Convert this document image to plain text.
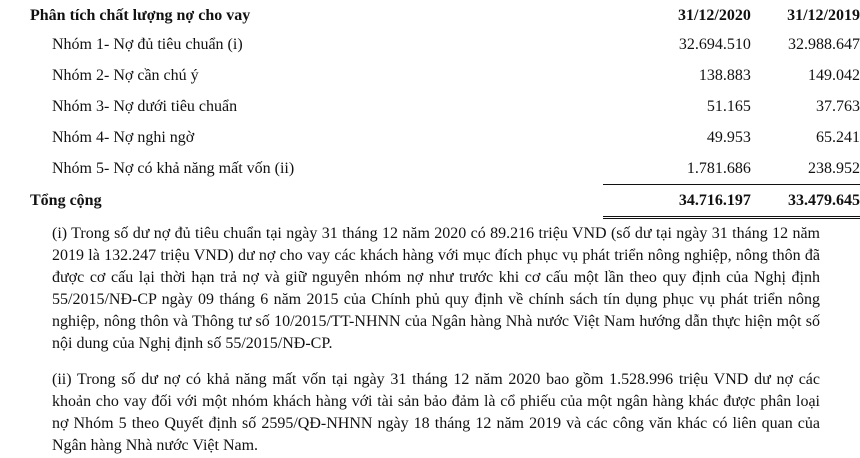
Phân tích chất lượng nợ cho vay	31/12/2020	31/12/2019
Nhóm 1- Nợ đủ tiêu chuẩn (i)	32.694.510	32.988.647
Nhóm 2- Nợ cần chú ý	138.883	149.042
Nhóm 3- Nợ dưới tiêu chuẩn	51.165	37.763
Nhóm 4- Nợ nghi ngờ	49.953	65.241
Nhóm 5- Nợ có khả năng mất vốn (ii)	1.781.686	238.952
Tổng cộng	34.716.197	33.479.645

(i) Trong số dư nợ đủ tiêu chuẩn tại ngày 31 tháng 12 năm 2020 có 89.216 triệu VND (số dư tại ngày 31 tháng 12 năm 2019 là 132.247 triệu VND) dư nợ cho vay các khách hàng với mục đích phục vụ phát triển nông nghiệp, nông thôn đã được cơ cấu lại thời hạn trả nợ và giữ nguyên nhóm nợ như trước khi cơ cấu một lần theo quy định của Nghị định 55/2015/NĐ-CP ngày 09 tháng 6 năm 2015 của Chính phủ quy định về chính sách tín dụng phục vụ phát triển nông nghiệp, nông thôn và Thông tư số 10/2015/TT-NHNN của Ngân hàng Nhà nước Việt Nam hướng dẫn thực hiện một số nội dung của Nghị định số 55/2015/NĐ-CP.

(ii) Trong số dư nợ có khả năng mất vốn tại ngày 31 tháng 12 năm 2020 bao gồm 1.528.996 triệu VND dư nợ các khoản cho vay đối với một nhóm khách hàng với tài sản bảo đảm là cổ phiếu của một ngân hàng khác được phân loại nợ Nhóm 5 theo Quyết định số 2595/QĐ-NHNN ngày 18 tháng 12 năm 2019 và các công văn khác có liên quan của Ngân hàng Nhà nước Việt Nam.
